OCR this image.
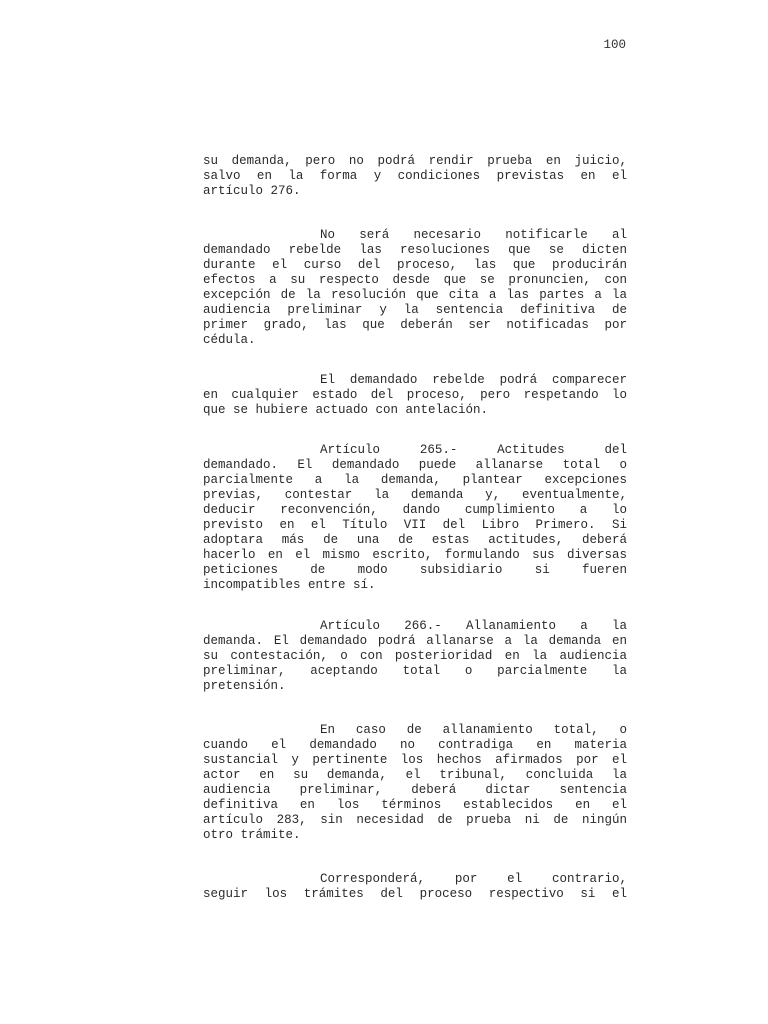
100
su demanda, pero no podrá rendir prueba en juicio,
salvo en la forma y condiciones previstas en el
artículo 276.
No será necesario notificarle al
demandado rebelde las resoluciones que se dicten
durante el curso del proceso, las que producirán
efectos a su respecto desde que se pronuncien, con
excepción de la resolución que cita a las partes a la
audiencia preliminar y la sentencia definitiva de
primer grado, las que deberán ser notificadas por
cédula.
El demandado rebelde podrá comparecer
en cualquier estado del proceso, pero respetando lo
que se hubiere actuado con antelación.
Artículo 265.- Actitudes del
demandado. El demandado puede allanarse total o
parcialmente a la demanda, plantear excepciones
previas, contestar la demanda y, eventualmente,
deducir reconvención, dando cumplimiento a lo
previsto en el Título VII del Libro Primero. Si
adoptara más de una de estas actitudes, deberá
hacerlo en el mismo escrito, formulando sus diversas
peticiones de modo subsidiario si fueren
incompatibles entre sí.
Artículo 266.- Allanamiento a la
demanda. El demandado podrá allanarse a la demanda en
su contestación, o con posterioridad en la audiencia
preliminar, aceptando total o parcialmente la
pretensión.
En caso de allanamiento total, o
cuando el demandado no contradiga en materia
sustancial y pertinente los hechos afirmados por el
actor en su demanda, el tribunal, concluida la
audiencia preliminar, deberá dictar sentencia
definitiva en los términos establecidos en el
artículo 283, sin necesidad de prueba ni de ningún
otro trámite.
Corresponderá, por el contrario,
seguir los trámites del proceso respectivo si el
